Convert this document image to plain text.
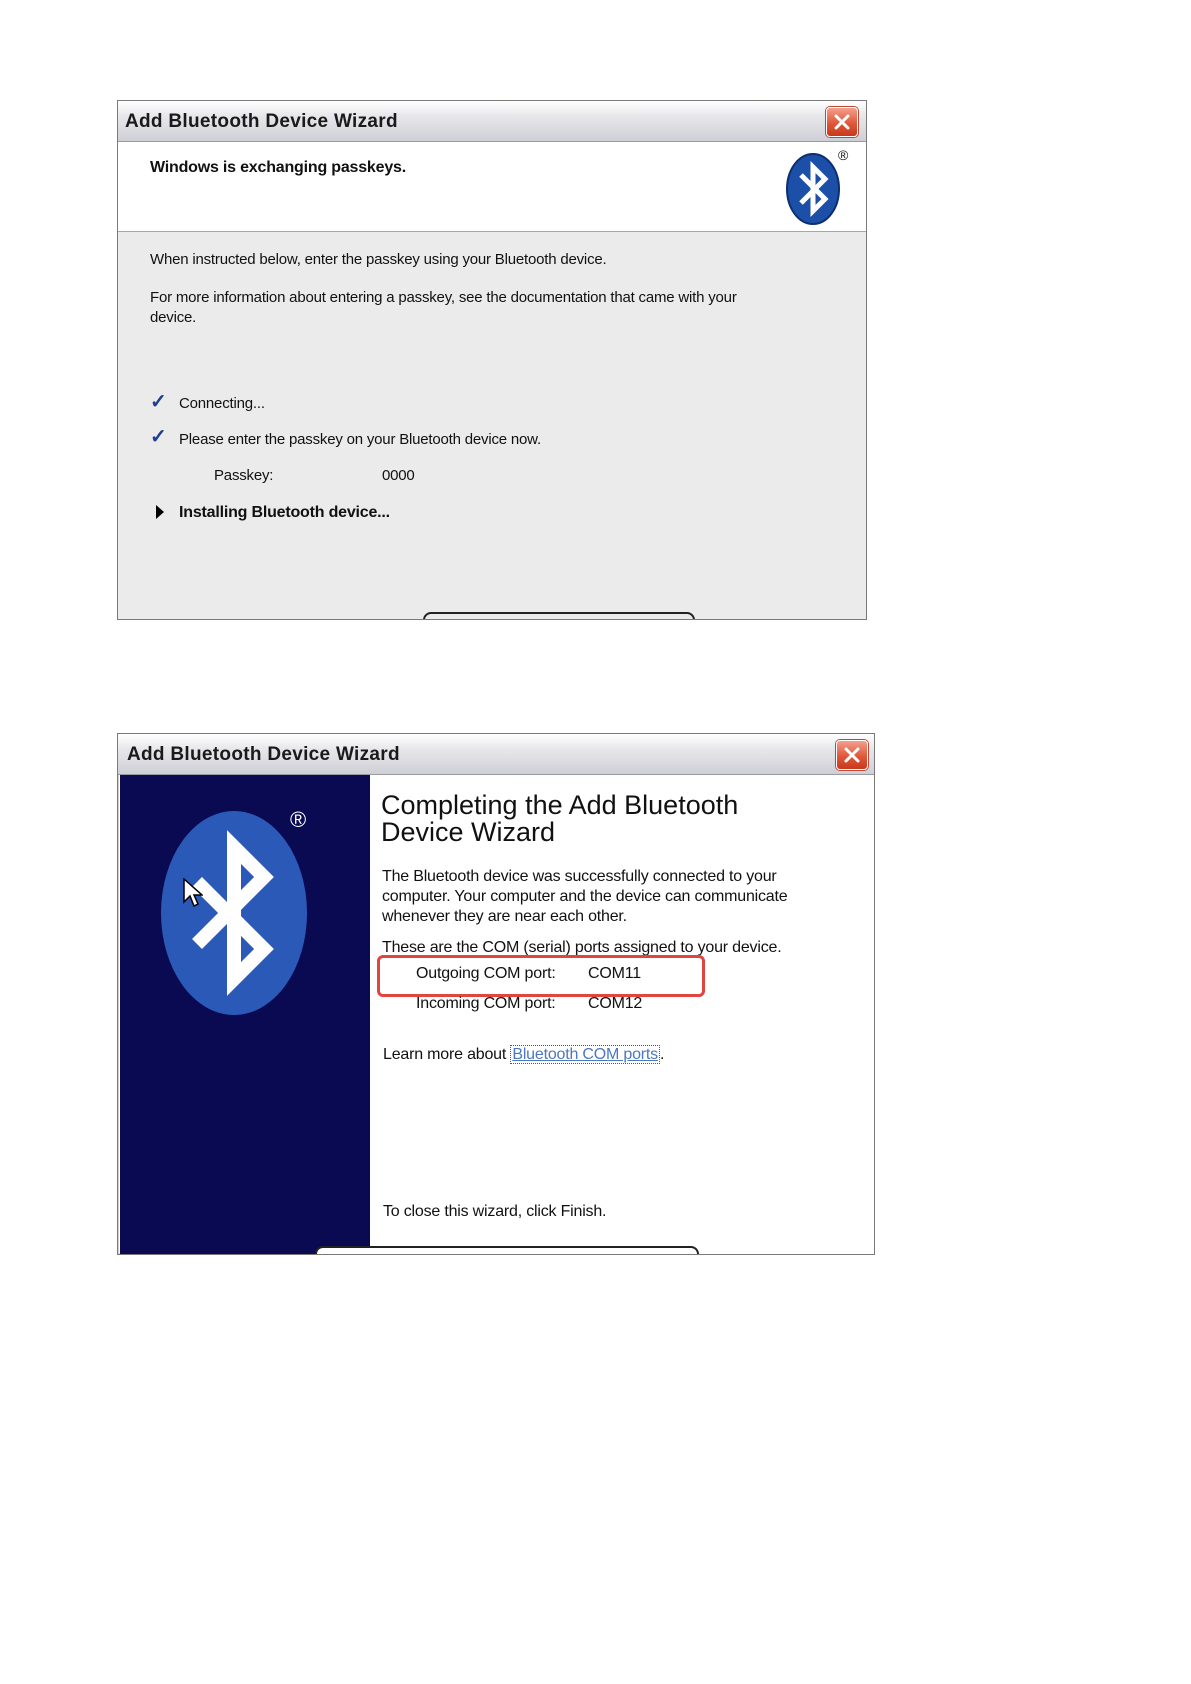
Add Bluetooth Device Wizard
Windows is exchanging passkeys.
®
When instructed below, enter the passkey using your Bluetooth device.
For more information about entering a passkey, see the documentation that came with your
device.
✓ Connecting...
✓ Please enter the passkey on your Bluetooth device now.
Passkey:	0000
Installing Bluetooth device...
Add Bluetooth Device Wizard
®	Completing the Add Bluetooth
Device Wizard
The Bluetooth device was successfully connected to your
computer. Your computer and the device can communicate
whenever they are near each other.
These are the COM (serial) ports assigned to your device.
Outgoing COM port: COM11
Incoming COM port: COM12
Learn more about Bluetooth COM ports .
To close this wizard, click Finish.
